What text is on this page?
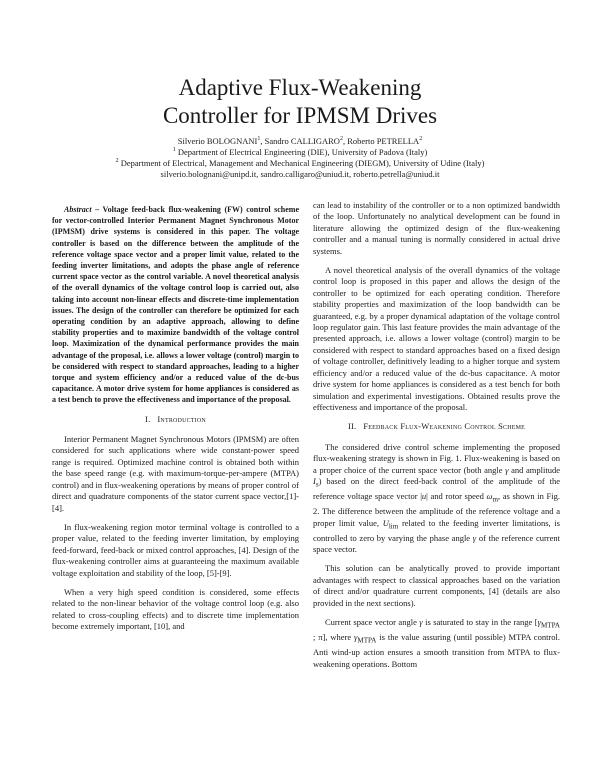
Adaptive Flux-Weakening
Controller for IPMSM Drives
Silverio BOLOGNANI$^1$, Sandro CALLIGARO$^2$, Roberto PETRELLA$^2$
$^1$ Department of Electrical Engineering (DIE), University of Padova (Italy)
$^2$ Department of Electrical, Management and Mechanical Engineering (DIEGM), University of Udine (Italy)
silverio.bolognani@unipd.it, sandro.calligaro@uniud.it, roberto.petrella@uniud.it

Abstract – Voltage feed-back flux-weakening (FW) control scheme for vector-controlled Interior Permanent Magnet Synchronous Motor (IPMSM) drive systems is considered in this paper. The voltage controller is based on the difference between the amplitude of the reference voltage space vector and a proper limit value, related to the feeding inverter limitations, and adopts the phase angle of reference current space vector as the control variable. A novel theoretical analysis of the overall dynamics of the voltage control loop is carried out, also taking into account non-linear effects and discrete-time implementation issues. The design of the controller can therefore be optimized for each operating condition by an adaptive approach, allowing to define stability properties and to maximize bandwidth of the voltage control loop. Maximization of the dynamical performance provides the main advantage of the proposal, i.e. allows a lower voltage (control) margin to be considered with respect to standard approaches, leading to a higher torque and system efficiency and/or a reduced value of the dc-bus capacitance. A motor drive system for home appliances is considered as a test bench to prove the effectiveness and importance of the proposal.

I. Introduction

Interior Permanent Magnet Synchronous Motors (IPMSM) are often considered for such applications where wide constant-power speed range is required. Optimized machine control is obtained both within the base speed range (e.g. with maximum-torque-per-ampere (MTPA) control) and in flux-weakening operations by means of proper control of direct and quadrature components of the stator current space vector,[1]-[4].

In flux-weakening region motor terminal voltage is controlled to a proper value, related to the feeding inverter limitation, by employing feed-forward, feed-back or mixed control approaches, [4]. Design of the flux-weakening controller aims at guaranteeing the maximum available voltage exploitation and stability of the loop, [5]-[9].

When a very high speed condition is considered, some effects related to the non-linear behavior of the voltage control loop (e.g. also related to cross-coupling effects) and to discrete time implementation become extremely important, [10], and

can lead to instability of the controller or to a non optimized bandwidth of the loop. Unfortunately no analytical development can be found in literature allowing the optimized design of the flux-weakening controller and a manual tuning is normally considered in actual drive systems.

A novel theoretical analysis of the overall dynamics of the voltage control loop is proposed in this paper and allows the design of the controller to be optimized for each operating condition. Therefore stability properties and maximization of the loop bandwidth can be guaranteed, e.g. by a proper dynamical adaptation of the voltage control loop regulator gain. This last feature provides the main advantage of the presented approach, i.e. allows a lower voltage (control) margin to be considered with respect to standard approaches based on a fixed design of voltage controller, definitively leading to a higher torque and system efficiency and/or a reduced value of the dc-bus capacitance. A motor drive system for home appliances is considered as a test bench for both simulation and experimental investigations. Obtained results prove the effectiveness and importance of the proposal.

II. Feedback Flux-Weakening Control Scheme

The considered drive control scheme implementing the proposed flux-weakening strategy is shown in Fig. 1. Flux-weakening is based on a proper choice of the current space vector (both angle γ and amplitude $I_s$) based on the direct feed-back control of the amplitude of the reference voltage space vector |u| and rotor speed $\omega_m$, as shown in Fig. 2. The difference between the amplitude of the reference voltage and a proper limit value, $U_{lim}$ related to the feeding inverter limitations, is controlled to zero by varying the phase angle γ of the reference current space vector.

This solution can be analytically proved to provide important advantages with respect to classical approaches based on the variation of direct and/or quadrature current components, [4] (details are also provided in the next sections).

Current space vector angle γ is saturated to stay in the range [$\gamma_{MTPA}$ ; π], where $\gamma_{MTPA}$ is the value assuring (until possible) MTPA control. Anti wind-up action ensures a smooth transition from MTPA to flux-weakening operations. Bottom
